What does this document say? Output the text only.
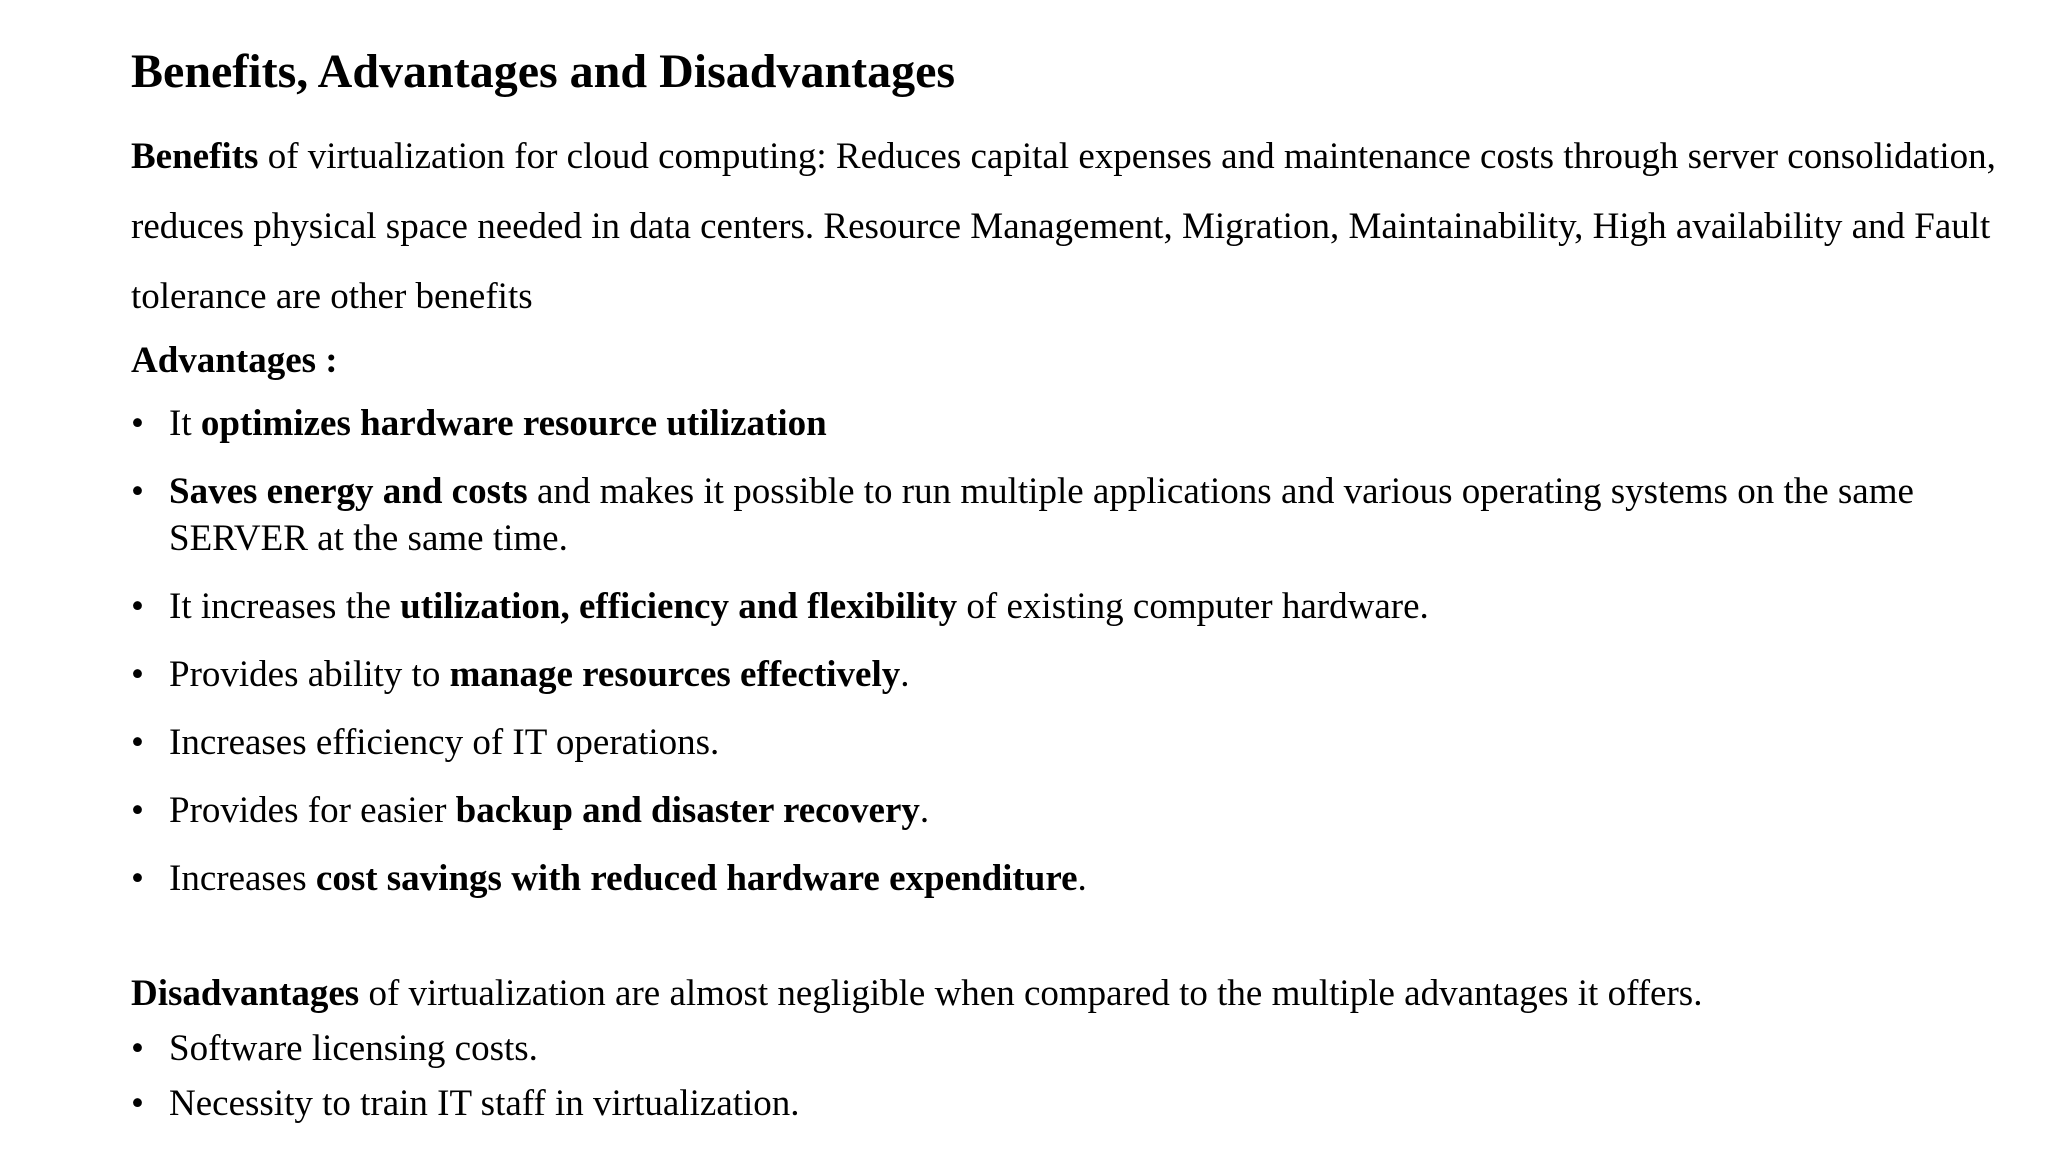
Benefits, Advantages and Disadvantages

Benefits of virtualization for cloud computing: Reduces capital expenses and maintenance costs through server consolidation, reduces physical space needed in data centers. Resource Management, Migration, Maintainability, High availability and Fault tolerance are other benefits

Advantages :

• It optimizes hardware resource utilization
• Saves energy and costs and makes it possible to run multiple applications and various operating systems on the same SERVER at the same time.
• It increases the utilization, efficiency and flexibility of existing computer hardware.
• Provides ability to manage resources effectively.
• Increases efficiency of IT operations.
• Provides for easier backup and disaster recovery.
• Increases cost savings with reduced hardware expenditure.

Disadvantages of virtualization are almost negligible when compared to the multiple advantages it offers.

• Software licensing costs.
• Necessity to train IT staff in virtualization.
